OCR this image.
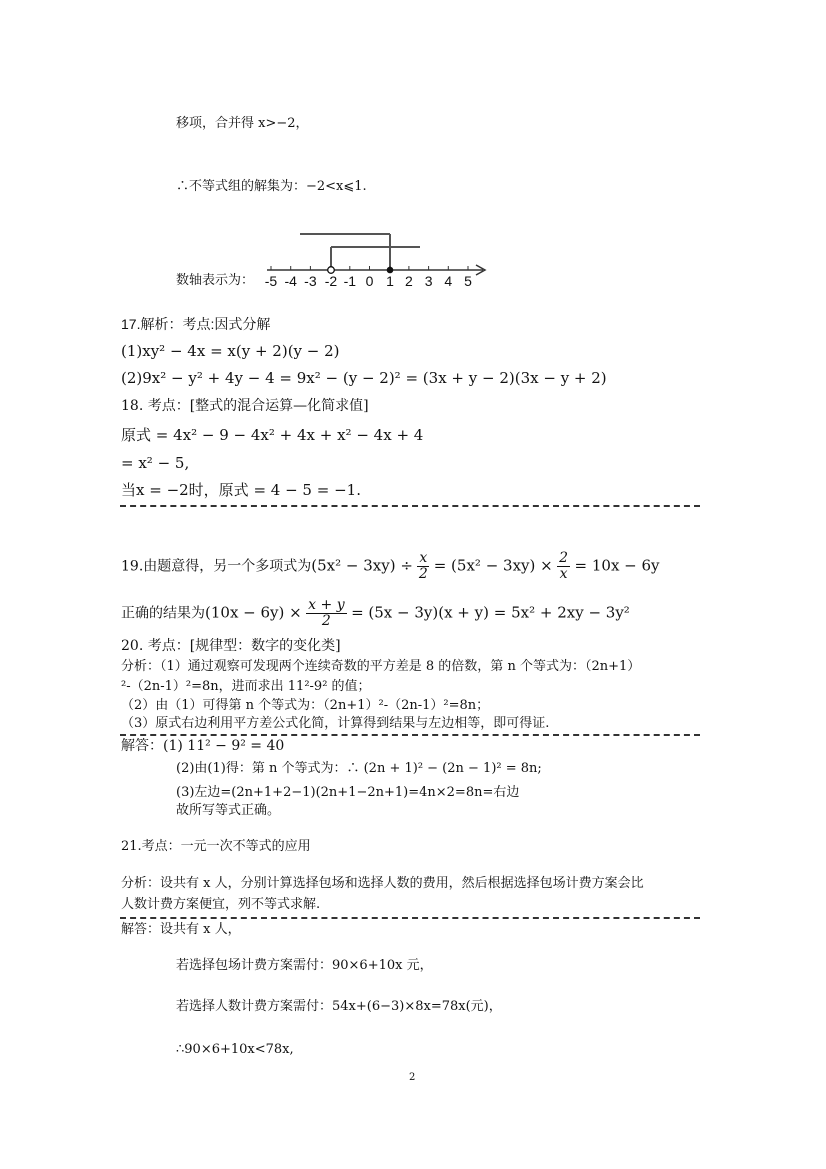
移项，合并得 x>−2，
∴不等式组的解集为：−2<x⩽1.
数轴表示为： -5 -4 -3 -2 -1 0 1 2 3 4 5
17.解析：考点:因式分解
(1)xy² − 4x = x(y + 2)(y − 2)
(2)9x² − y² + 4y − 4 = 9x² − (y − 2)² = (3x + y − 2)(3x − y + 2)
18. 考点：[整式的混合运算—化简求值]
原式 = 4x² − 9 − 4x² + 4x + x² − 4x + 4
= x² − 5,
当x = −2时，原式 = 4 − 5 = −1.
19.由题意得，另一个多项式为$(5x^2 - 3xy) \div \frac{x}{2} = (5x^2 - 3xy) \times \frac{2}{x} = 10x - 6y$
正确的结果为$(10x - 6y) \times \frac{x + y}{2} = (5x - 3y)(x + y) = 5x^2 + 2xy - 3y^2$
20. 考点：[规律型：数字的变化类]
分析：（1）通过观察可发现两个连续奇数的平方差是 8 的倍数，第 n 个等式为：（2n+1）
²-（2n-1）²=8n，进而求出 11²-9² 的值；
（2）由（1）可得第 n 个等式为：（2n+1）²-（2n-1）²=8n；
（3）原式右边利用平方差公式化简，计算得到结果与左边相等，即可得证.
解答：(1) 11² − 9² = 40
(2)由(1)得：第 n 个等式为：∴ (2n + 1)² − (2n − 1)² = 8n;
(3)左边=(2n+1+2−1)(2n+1−2n+1)=4n×2=8n=右边
故所写等式正确。
21.考点：一元一次不等式的应用
分析：设共有 x 人，分别计算选择包场和选择人数的费用，然后根据选择包场计费方案会比
人数计费方案便宜，列不等式求解.
解答：设共有 x 人，
若选择包场计费方案需付：90×6+10x 元，
若选择人数计费方案需付：54x+(6−3)×8x=78x(元)，
∴90×6+10x<78x,
2
